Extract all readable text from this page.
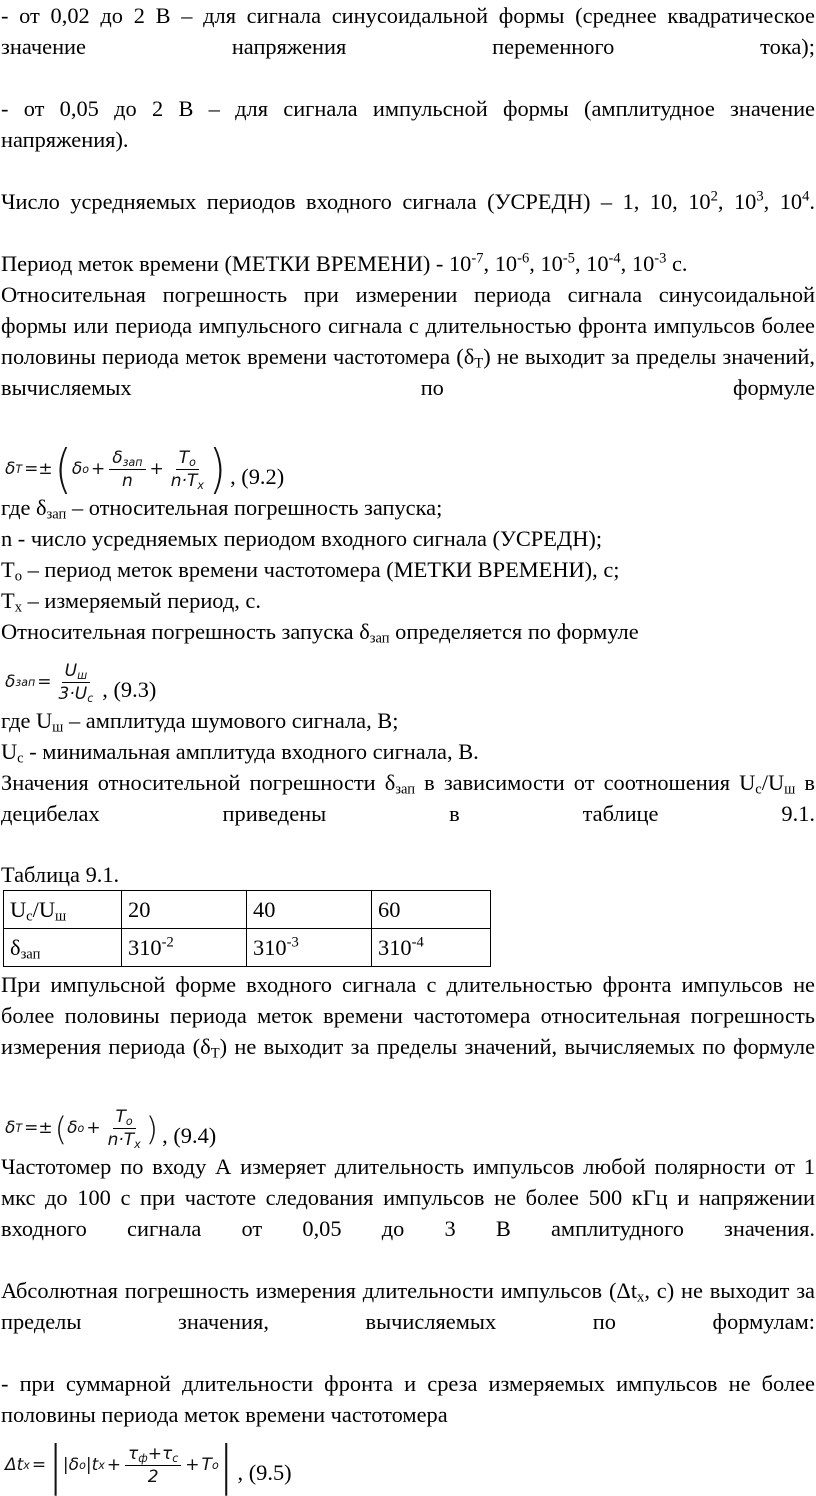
- от 0,02 до 2 В – для сигнала синусоидальной формы (среднее квадратическое значение напряжения переменного тока);

- от 0,05 до 2 В – для сигнала импульсной формы (амплитудное значение напряжения).

Число усредняемых периодов входного сигнала (УСРЕДН) – 1, 10, $10^2$, $10^3$, $10^4$.

Период меток времени (МЕТКИ ВРЕМЕНИ) - $10^{-7}$, $10^{-6}$, $10^{-5}$, $10^{-4}$, $10^{-3}$ с.

Относительная погрешность при измерении периода сигнала синусоидальной формы или периода импульсного сигнала с длительностью фронта импульсов более половины периода меток времени частотомера $(\delta_Т)$ не выходит за пределы значений, вычисляемых по формуле

δ T =± ( δ $o + \frac{\delta_{зап}}{n} + \frac{T_o}{n\cdot T_x}$ ) , (9.2)

где $\delta_{зап}$ – относительная погрешность запуска;

n - число усредняемых периодом входного сигнала (УСРЕДН);

$Т_о$ – период меток времени частотомера (МЕТКИ ВРЕМЕНИ), с;

$Т_х$ – измеряемый период, с.

Относительная погрешность запуска $\delta_{зап}$ определяется по формуле

δ зап = $\frac{U_ш}{3\cdot U_c}$ , (9.3)

где $U_ш$ – амплитуда шумового сигнала, В;

$U_с$ - минимальная амплитуда входного сигнала, В.

Значения относительной погрешности $\delta_{зап}$ в зависимости от соотношения $U_с/U_ш$ в децибелах приведены в таблице 9.1.

Таблица 9.1.

$U_с/U_ш$	20	40	60
$\delta_{зап}$	$310^{-2}$	$310^{-3}$	$310^{-4}$

При импульсной форме входного сигнала с длительностью фронта импульсов не более половины периода меток времени частотомера относительная погрешность измерения периода $(\delta_Т)$ не выходит за пределы значений, вычисляемых по формуле

δ T =± ( δ $o + \frac{T_o}{n\cdot T_x}$ ) , (9.4)

Частотомер по входу А измеряет длительность импульсов любой полярности от 1 мкс до 100 с при частоте следования импульсов не более 500 кГц и напряжении входного сигнала от 0,05 до 3 В амплитудного значения.

Абсолютная погрешность измерения длительности импульсов ($\Delta t_x$, с) не выходит за пределы значения, вычисляемых по формулам:

- при суммарной длительности фронта и среза измеряемых импульсов не более половины периода меток времени частотомера

Δt x = | |δ o | t $x + \frac{\tau_ф+\tau_c}{2} + T$ o | , (9.5)
